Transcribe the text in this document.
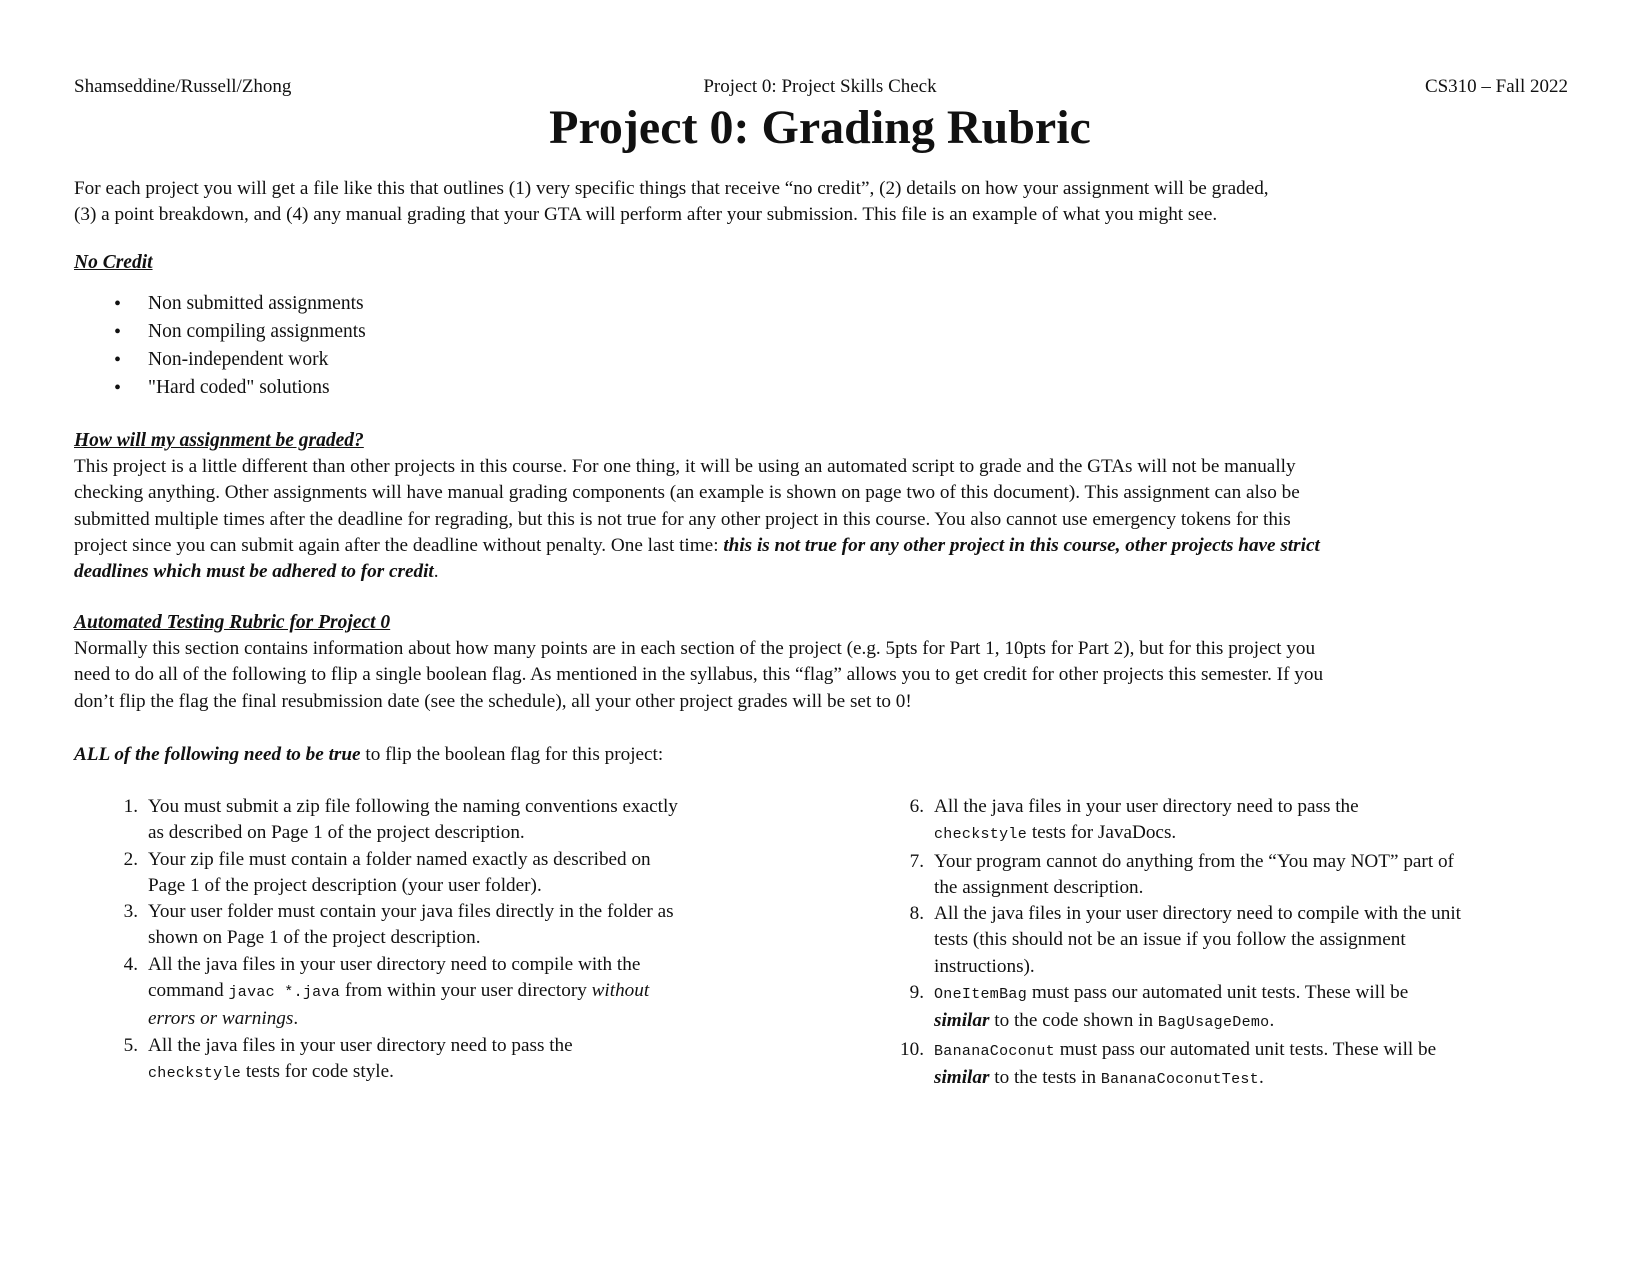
Shamseddine/Russell/Zhong	Project 0: Project Skills Check	CS310 – Fall 2022
Project 0: Grading Rubric
For each project you will get a file like this that outlines (1) very specific things that receive “no credit”, (2) details on how your assignment will be graded,
(3) a point breakdown, and (4) any manual grading that your GTA will perform after your submission. This file is an example of what you might see.
No Credit
• Non submitted assignments
• Non compiling assignments
• Non-independent work
• "Hard coded" solutions
How will my assignment be graded?
This project is a little different than other projects in this course. For one thing, it will be using an automated script to grade and the GTAs will not be manually
checking anything. Other assignments will have manual grading components (an example is shown on page two of this document). This assignment can also be
submitted multiple times after the deadline for regrading, but this is not true for any other project in this course. You also cannot use emergency tokens for this
project since you can submit again after the deadline without penalty. One last time: this is not true for any other project in this course, other projects have strict
deadlines which must be adhered to for credit.
Automated Testing Rubric for Project 0
Normally this section contains information about how many points are in each section of the project (e.g. 5pts for Part 1, 10pts for Part 2), but for this project you
need to do all of the following to flip a single boolean flag. As mentioned in the syllabus, this “flag” allows you to get credit for other projects this semester. If you
don’t flip the flag the final resubmission date (see the schedule), all your other project grades will be set to 0!
ALL of the following need to be true to flip the boolean flag for this project:
1. You must submit a zip file following the naming conventions exactly
as described on Page 1 of the project description.
2. Your zip file must contain a folder named exactly as described on
Page 1 of the project description (your user folder).
3. Your user folder must contain your java files directly in the folder as
shown on Page 1 of the project description.
4. All the java files in your user directory need to compile with the
command javac *.java from within your user directory without
errors or warnings.
5. All the java files in your user directory need to pass the
checkstyle tests for code style.
6. All the java files in your user directory need to pass the
checkstyle tests for JavaDocs.
7. Your program cannot do anything from the “You may NOT” part of
the assignment description.
8. All the java files in your user directory need to compile with the unit
tests (this should not be an issue if you follow the assignment
instructions).
9. OneItemBag must pass our automated unit tests. These will be
similar to the code shown in BagUsageDemo.
10. BananaCoconut must pass our automated unit tests. These will be
similar to the tests in BananaCoconutTest.
